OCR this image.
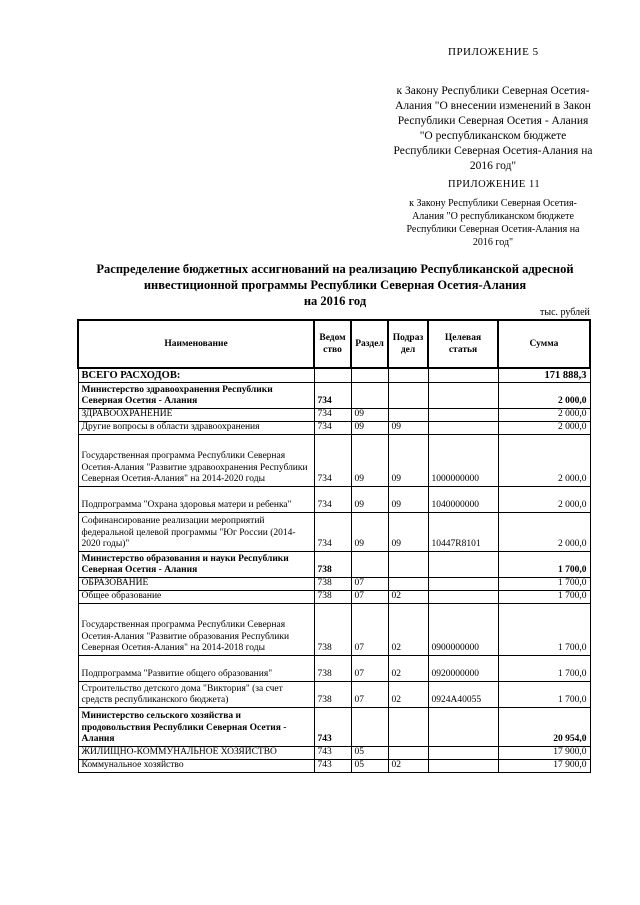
ПРИЛОЖЕНИЕ 5
к Закону Республики Северная Осетия-
Алания "О внесении изменений в Закон
Республики Северная Осетия - Алания
"О республиканском бюджете
Республики Северная Осетия-Алания на
2016 год"
ПРИЛОЖЕНИЕ 11
к Закону Республики Северная Осетия-
Алания "О республиканском бюджете
Республики Северная Осетия-Алания на
2016 год"
Распределение бюджетных ассигнований на реализацию Республиканской адресной
инвестиционной программы Республики Северная Осетия-Алания
на 2016 год
тыс. рублей
Наименование	Ведом ство	Раздел	Подраз дел	Целевая статья	Сумма
ВСЕГО РАСХОДОВ:					171 888,3
Министерство здравоохранения Республики Северная Осетия - Алания	734				2 000,0
ЗДРАВООХРАНЕНИЕ	734	09			2 000,0
Другие вопросы в области здравоохранения	734	09	09		2 000,0
Государственная программа Республики Северная Осетия-Алания "Развитие здравоохранения Республики Северная Осетия-Алания" на 2014-2020 годы	734	09	09	1000000000	2 000,0
Подпрограмма "Охрана здоровья матери и ребенка"	734	09	09	1040000000	2 000,0
Софинансирование реализации мероприятий федеральной целевой программы "Юг России (2014-2020 годы)"	734	09	09	10447R8101	2 000,0
Министерство образования и науки Республики Северная Осетия - Алания	738				1 700,0
ОБРАЗОВАНИЕ	738	07			1 700,0
Общее образование	738	07	02		1 700,0
Государственная программа Республики Северная Осетия-Алания "Развитие образования Республики Северная Осетия-Алания" на 2014-2018 годы	738	07	02	0900000000	1 700,0
Подпрограмма "Развитие общего образования"	738	07	02	0920000000	1 700,0
Строительство детского дома "Виктория" (за счет средств республиканского бюджета)	738	07	02	0924А40055	1 700,0
Министерство сельского хозяйства и продовольствия Республики Северная Осетия - Алания	743				20 954,0
ЖИЛИЩНО-КОММУНАЛЬНОЕ ХОЗЯЙСТВО	743	05			17 900,0
Коммунальное хозяйство	743	05	02		17 900,0
